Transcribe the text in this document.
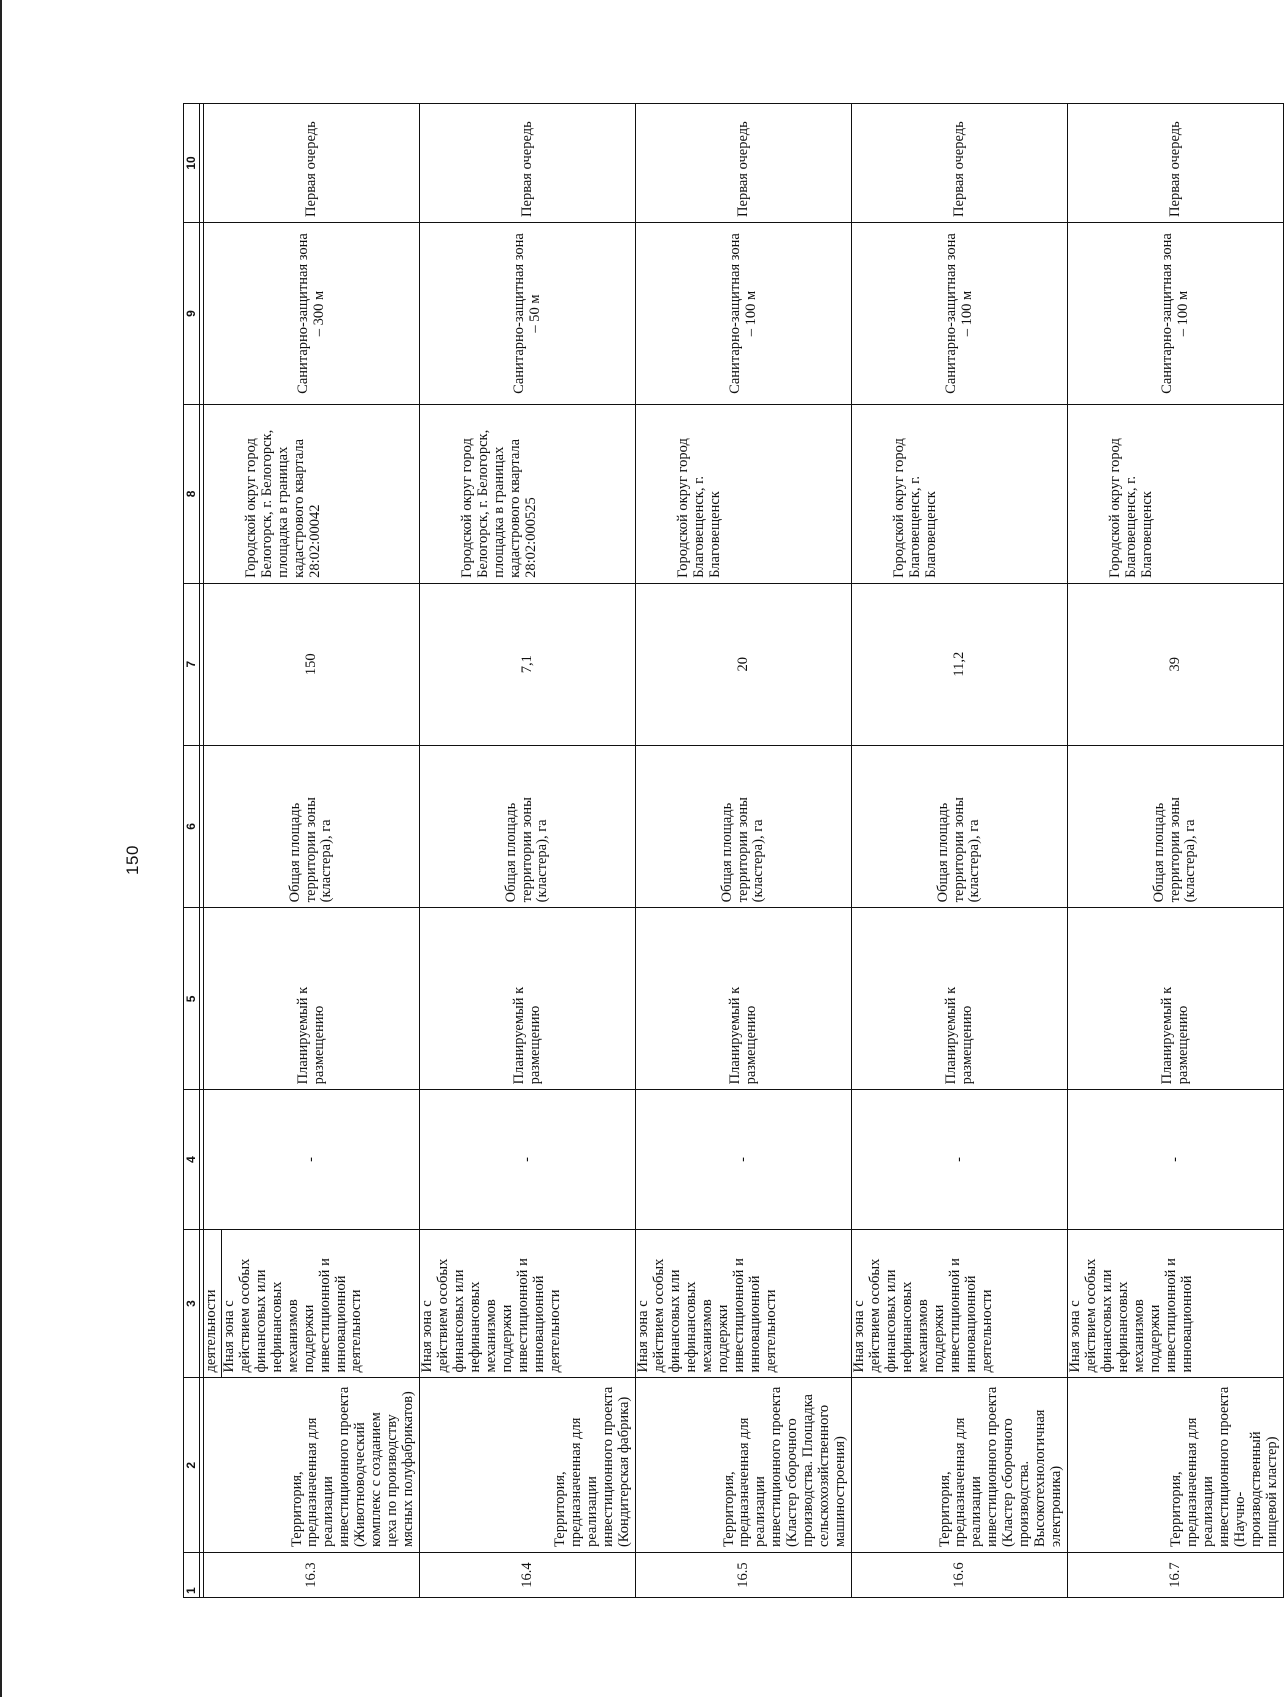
150
1	2	3	4	5	6	7	8	9	10

16.3	Территория, предназначенная для реализации инвестиционного проекта (Животноводческий комплекс с созданием цеха по производству мясных полуфабрикатов)	деятельности Иная зона с действием особых финансовых или нефинансовых механизмов поддержки инвестиционной и инновационной деятельности	-	Планируемый к размещению	Общая площадь территории зоны (кластера), га	150	Городской округ город Белогорск, г. Белогорск, площадка в границах кадастрового квартала 28:02:00042	Санитарно-защитная зона – 300 м	Первая очередь
16.4	Территория, предназначенная для реализации инвестиционного проекта (Кондитерская фабрика)	Иная зона с действием особых финансовых или нефинансовых механизмов поддержки инвестиционной и инновационной деятельности	-	Планируемый к размещению	Общая площадь территории зоны (кластера), га	7,1	Городской округ город Белогорск, г. Белогорск, площадка в границах кадастрового квартала 28:02:000525	Санитарно-защитная зона – 50 м	Первая очередь
16.5	Территория, предназначенная для реализации инвестиционного проекта (Кластер сборочного производства. Площадка сельскохозяйственного машиностроения)	Иная зона с действием особых финансовых или нефинансовых механизмов поддержки инвестиционной и инновационной деятельности	-	Планируемый к размещению	Общая площадь территории зоны (кластера), га	20	Городской округ город Благовещенск, г. Благовещенск	Санитарно-защитная зона – 100 м	Первая очередь
16.6	Территория, предназначенная для реализации инвестиционного проекта (Кластер сборочного производства. Высокотехнологичная электроника)	Иная зона с действием особых финансовых или нефинансовых механизмов поддержки инвестиционной и инновационной деятельности	-	Планируемый к размещению	Общая площадь территории зоны (кластера), га	11,2	Городской округ город Благовещенск, г. Благовещенск	Санитарно-защитная зона – 100 м	Первая очередь
16.7	Территория, предназначенная для реализации инвестиционного проекта (Научно-производственный пищевой кластер)	Иная зона с действием особых финансовых или нефинансовых механизмов поддержки инвестиционной и инновационной	-	Планируемый к размещению	Общая площадь территории зоны (кластера), га	39	Городской округ город Благовещенск, г. Благовещенск	Санитарно-защитная зона – 100 м	Первая очередь
